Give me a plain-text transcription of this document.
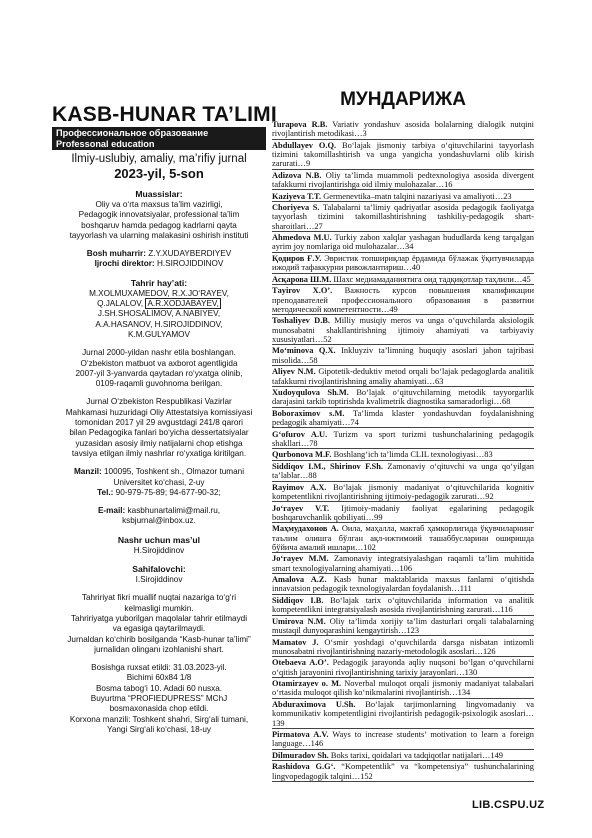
KASB-HUNAR TA’LIMI
Профессиональное образование
Professonal education
Ilmiy-uslubiy, amaliy, ma’rifiy jurnal
2023-yil, 5-son
Muassislar:
Oliy va o‘rta maxsus ta’lim vazirligi,
Pedagogik innovatsiyalar, professional ta’lim
boshqaruv hamda pedagog kadrlarni qayta
tayyorlash va ularning malakasini oshirish instituti
Bosh muharrir: Z.Y.XUDAYBERDIYEV
Ijrochi direktor: H.SIROJIDDINOV
Tahrir hay’ati:
M.XOLMUXAMEDOV, R.X.JO‘RAYEV,
Q.JALALOV, A.R.XODJABAYEV,
J.SH.SHOSALIMOV, A.NABIYEV,
A.A.HASANOV, H.SIROJIDDINOV,
K.M.GULYAMOV
Jurnal 2000-yildan nashr etila boshlangan.
O‘zbekiston matbuot va axborot agentligida
2007-yil 3-yanvarda qaytadan ro‘yxatga olinib,
0109-raqamli guvohnoma berilgan.
Jurnal O‘zbekiston Respublikasi Vazirlar
Mahkamasi huzuridagi Oliy Attestatsiya komissiyasi
tomonidan 2017 yil 29 avgustdagi 241/8 qarori
bilan Pedagogika fanlari bo‘yicha dessertatsiyalar
yuzasidan asosiy ilmiy natijalarni chop etishga
tavsiya etilgan ilmiy nashrlar ro‘yxatiga kiritilgan.
Manzil: 100095, Toshkent sh., Olmazor tumani
Universitet ko‘chasi, 2-uy
Tel.: 90-979-75-89; 94-677-90-32;
E-mail: kasbhunartalimi@mail.ru,
ksbjurnal@inbox.uz.
Nashr uchun mas’ul
H.Sirojiddinov
Sahifalovchi:
I.Sirojiddinov
Tahririyat fikri muallif nuqtai nazariga to‘g‘ri
kelmasligi mumkin.
Tahririyatga yuborilgan maqolalar tahrir etilmaydi
va egasiga qaytarilmaydi.
Jurnaldan ko‘chirib bosilganda “Kasb-hunar ta’limi”
jurnalidan olinganı izohlanishi shart.
Bosishga ruxsat etildi: 31.03.2023-yil.
Bichimi 60x84 1/8
Bosma tabog‘i 10. Adadi 60 nusxa.
Buyurtma “PROFIEDUPRESS” MChJ
bosmaxonasida chop etildi.
Korxona manzili: Toshkent shahri, Sirg‘ali tumani,
Yangi Sirg‘ali ko‘chasi, 18-uy
МУНДАРИЖА
Turapova R.B. Variativ yondashuv asosida bolalarning dialogik nutqini rivojlantirish metodikasi…3
Abdullayev O.Q. Bo‘lajak jismoniy tarbiya o‘qituvchilarini tayyorlash tizimini takomillashtirish va unga yangicha yondashuvlarni olib kirish zarurati…9
Adizova N.B. Oliy ta’limda muammoli pedtexnologiya asosida divergent tafakkurni rivojlantirishga oid ilmiy mulohazalar…16
Kaziyeva T.T. Germenevtika–matn talqini nazariyasi va amaliyoti…23
Choriyeva S. Talabalarni ta’limiy qadriyatlar asosida pedagogik faoliyatga tayyorlash tizimini takomillashtirishning tashkiliy-pedagogik shart-sharoitlari…27
Ahmedova M.U. Turkiy zabon xalqlar yashagan hududlarda keng tarqalgan ayrim joy nomlariga oid mulohazalar…34
Қодиров Ғ.У. Эвристик топшириқлар ёрдамида бўлажак ўқитувчиларда ижодий тафаккурни ривожлантириш…40
Асқарова Ш.М. Шахс медиамаданиятига оид тадқиқотлар таҳлили…45
Тaуіrov X.O’. Важность курсов повышения квалификации преподавателей профессионального образования в развитии методической компетентности…49
Toshaliyev D.B. Milliy musiqiy meros va unga o‘quvchilarda aksiologik munosabatni shakllantirishning ijtimoiy ahamiyati va tarbiyaviy xususiyatlari…52
Mo‘minova Q.X. Inkluyziv ta’limning huquqiy asoslari jahon tajribasi misolida…58
Aliyev N.M. Gipotetik-deduktiv metod orqali bo‘lajak pedagoglarda analitik tafakkurni rivojlantirishning amaliy ahamiyati…63
Xudoyqulova Sh.M. Bo‘lajak o‘qituvchilarning metodik tayyorgarlik darajasini tarkib toptirishda kvalimetrik diagnostika samaradorligi…68
Boboraximov s.M. Ta’limda klaster yondashuvdan foydalanishning pedagogik ahamiyati…74
G‘ofurov A.U. Turizm va sport turizmi tushunchalarining pedagogik shakllari…78
Qurbonova M.F. Boshlang‘ich ta’limda CLIL texnologiyasi…83
Siddiqov I.M., Shirinov F.Sh. Zamonaviy o‘qituvchi va unga qo‘yilgan ta’lablar…88
Rayimov A.X. Bo‘lajak jismoniy madaniyat o‘qituvchilarida kognitiv kompetentlikni rivojlantirishning ijtimoiy-pedagogik zarurati…92
Jo‘rayev V.T. Ijtimoiy-madaniy faoliyat egalarining pedagogik boshqaruvchanlik qobiliyati…99
Маҳмудахонов А. Оила, маҳалла, мактаб ҳамкорлигида ўқувчиларнинг таълим олишга бўлган ақл-ижтимоий ташаббусларини оширишда бўйича амалий ишлари…102
Jo‘rayev M.M. Zamonaviy integratsiyalashgan raqamli ta’lim muhitida smart texnologiyalarning ahamiyati…106
Amalova A.Z. Kasb hunar maktablarida maxsus fanlarni o‘qitishda innavatsion pedagogik texnologiyalardan foydalanish…111
Siddiqov I.B. Bo‘lajak tarix o‘qituvchilarida information va analitik kompetentlikni integratsiyalash asosida rivojlantirishning zarurati…116
Umirova N.M. Oliy ta’limda xorijiy ta’lim dasturlari orqali talabalarning mustaqil dunyoqarashini kengaytirish…123
Mamatov J. O‘smir yoshdagi o‘quvchilarda darsga nisbatan intizomli munosabatni rivojlantirishning nazariy-metodologik asoslari…126
Otebaeva A.O’. Pedagogik jarayonda aqliy nuqsoni bo‘lgan o‘quvchilarni o‘qitish jarayonini rivojlantirishning tarixiy jarayonlari…130
Otamirzayev o. M. Noverbal muloqot orqali jismoniy madaniyat talabalari o‘rtasida muloqot qilish ko‘nikmalarini rivojlantirish…134
Abduraximova U.Sh. Bo‘lajak tarjimonlarning lingvomadaniy va kommunikativ kompetentligini rivojlantirish pedagogik-psixologik asoslari…139
Pirmatova A.V. Ways to increase students’ motivation to learn a foreign language…146
Dilmuradov Sh. Boks tarixi, qoidalari va tadqiqotlar natijalari…149
Rashidova G.G‘. “Kompetentlik” va “kompetensiya” tushunchalarining lingvopedagogik talqini…152
LIB.CSPU.UZ
